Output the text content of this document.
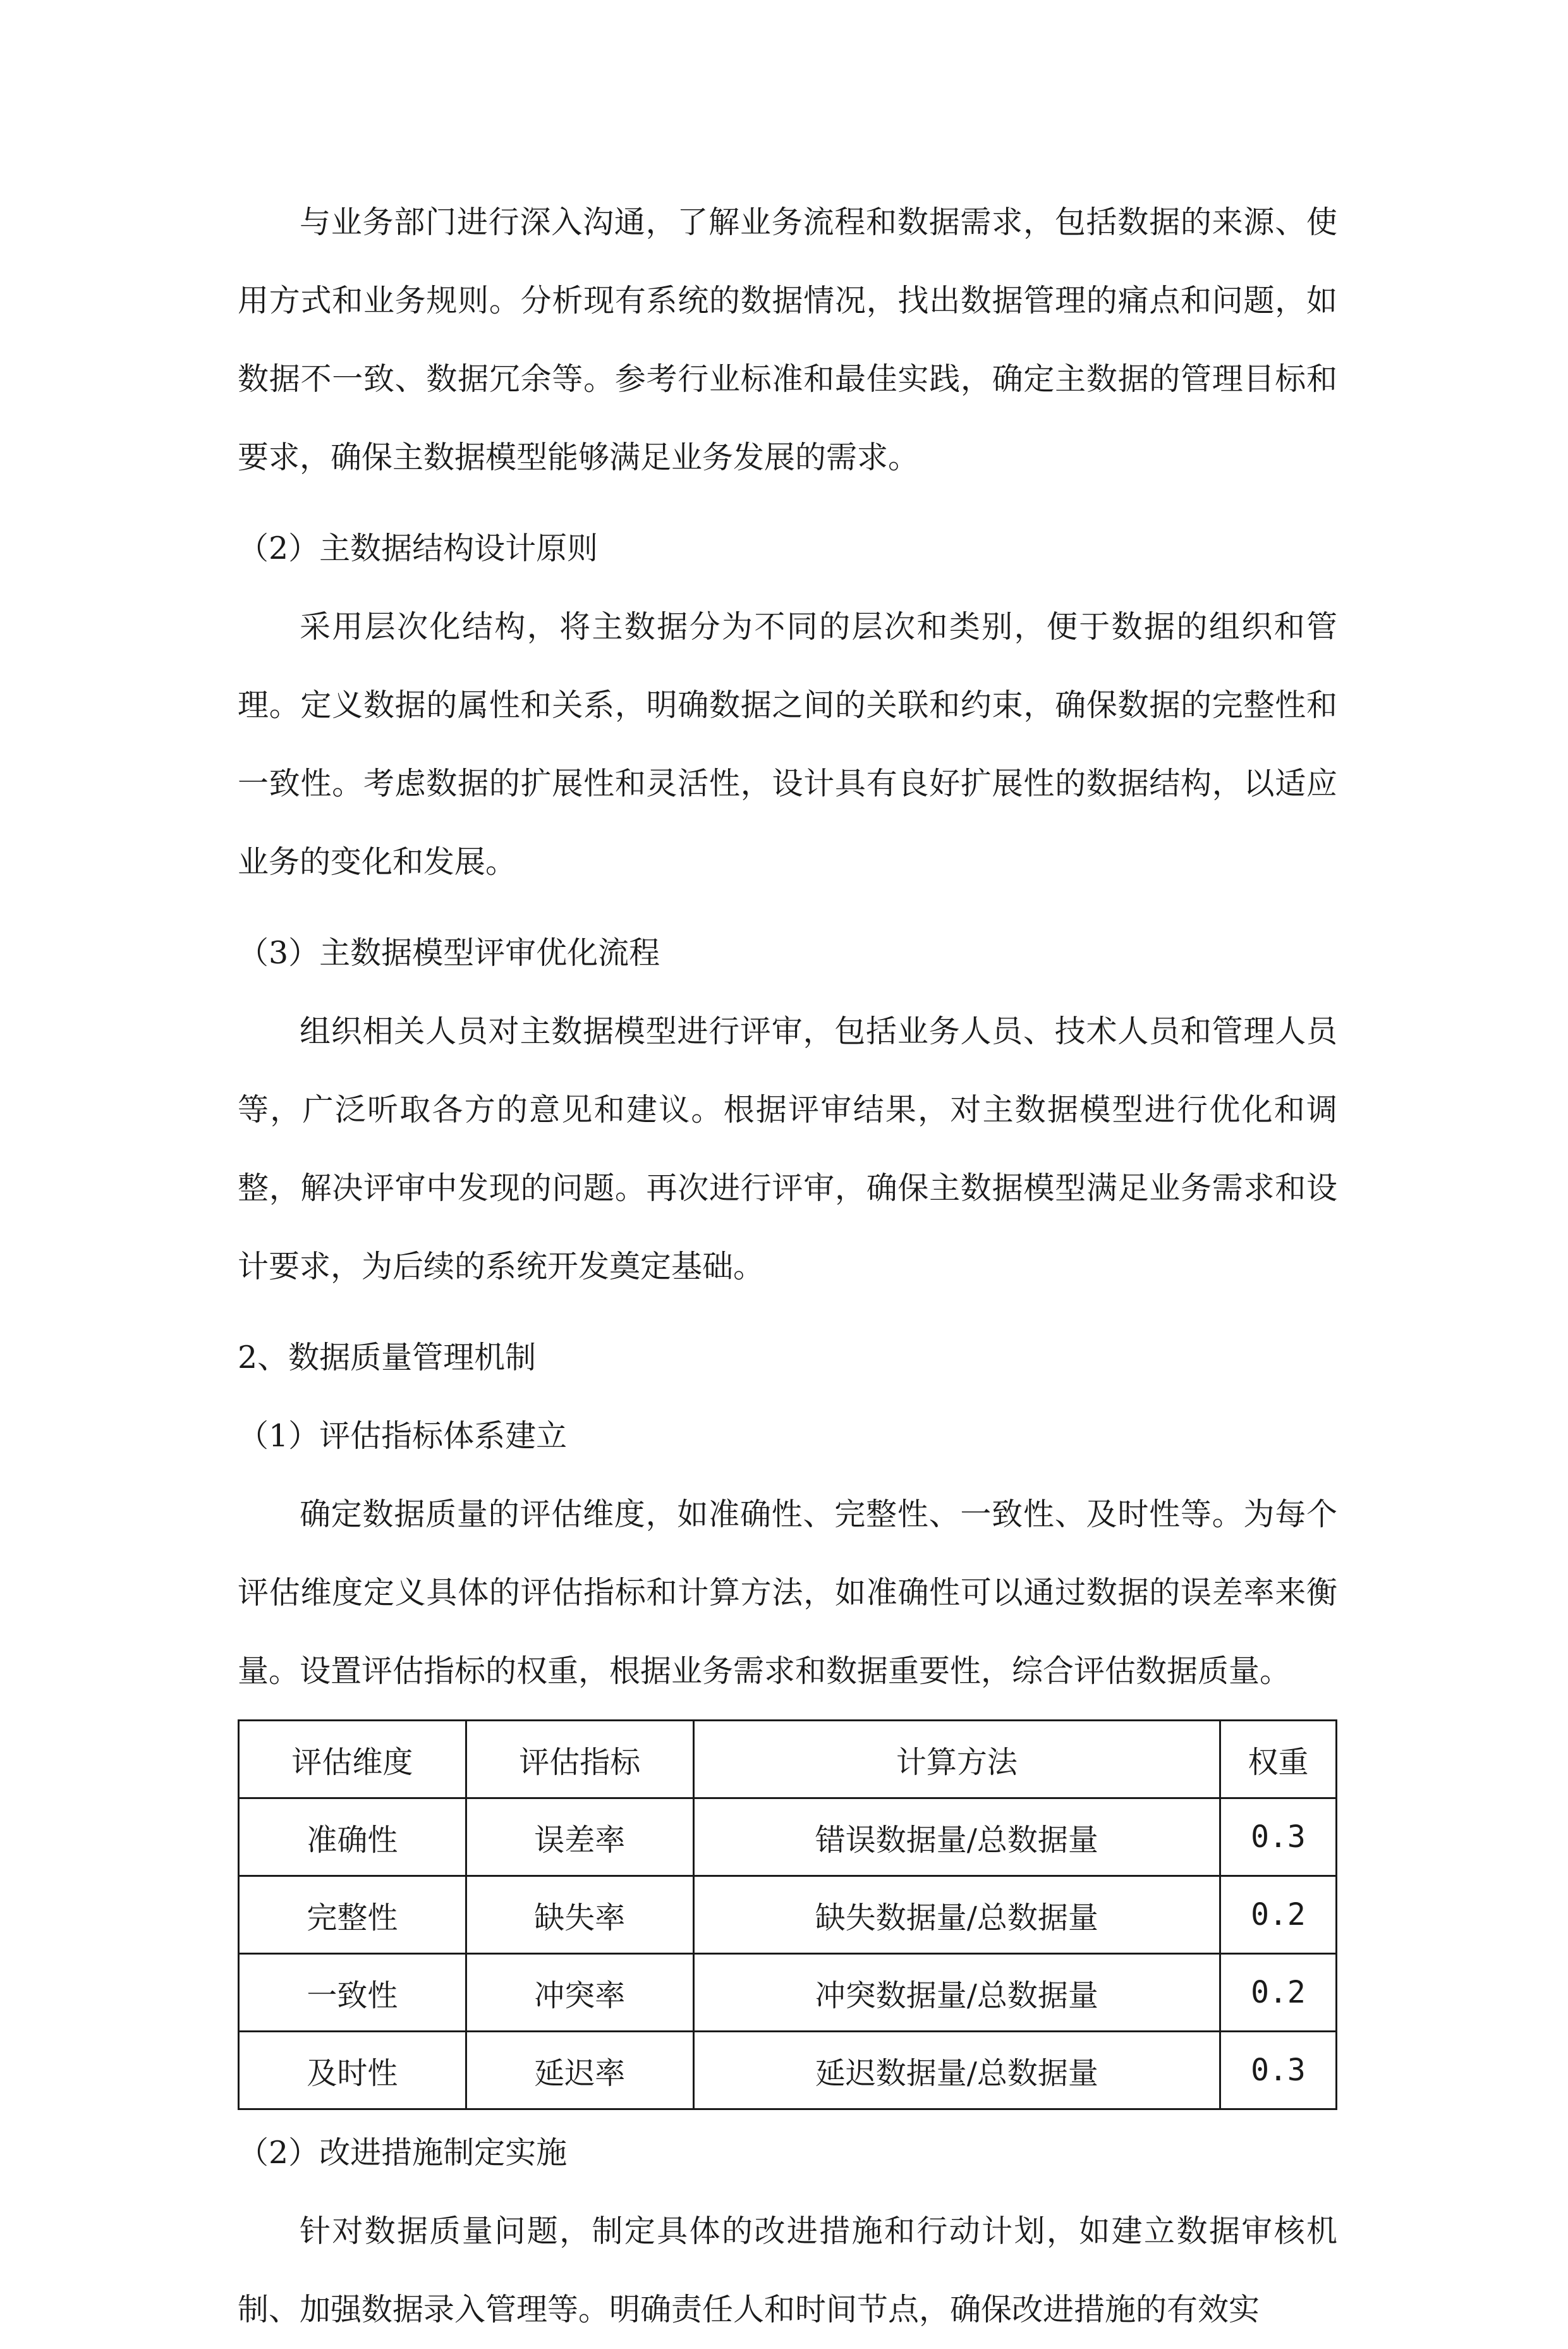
与业务部门进行深入沟通，了解业务流程和数据需求，包括数据的来源、使用方式和业务规则。分析现有系统的数据情况，找出数据管理的痛点和问题，如数据不一致、数据冗余等。参考行业标准和最佳实践，确定主数据的管理目标和要求，确保主数据模型能够满足业务发展的需求。

（2）主数据结构设计原则

采用层次化结构，将主数据分为不同的层次和类别，便于数据的组织和管理。定义数据的属性和关系，明确数据之间的关联和约束，确保数据的完整性和一致性。考虑数据的扩展性和灵活性，设计具有良好扩展性的数据结构，以适应业务的变化和发展。

（3）主数据模型评审优化流程

组织相关人员对主数据模型进行评审，包括业务人员、技术人员和管理人员等，广泛听取各方的意见和建议。根据评审结果，对主数据模型进行优化和调整，解决评审中发现的问题。再次进行评审，确保主数据模型满足业务需求和设计要求，为后续的系统开发奠定基础。

2、数据质量管理机制

（1）评估指标体系建立

确定数据质量的评估维度，如准确性、完整性、一致性、及时性等。为每个评估维度定义具体的评估指标和计算方法，如准确性可以通过数据的误差率来衡量。设置评估指标的权重，根据业务需求和数据重要性，综合评估数据质量。

评估维度	评估指标	计算方法	权重
准确性	误差率	错误数据量/总数据量	0.3
完整性	缺失率	缺失数据量/总数据量	0.2
一致性	冲突率	冲突数据量/总数据量	0.2
及时性	延迟率	延迟数据量/总数据量	0.3

（2）改进措施制定实施

针对数据质量问题，制定具体的改进措施和行动计划，如建立数据审核机制、加强数据录入管理等。明确责任人和时间节点，确保改进措施的有效实
